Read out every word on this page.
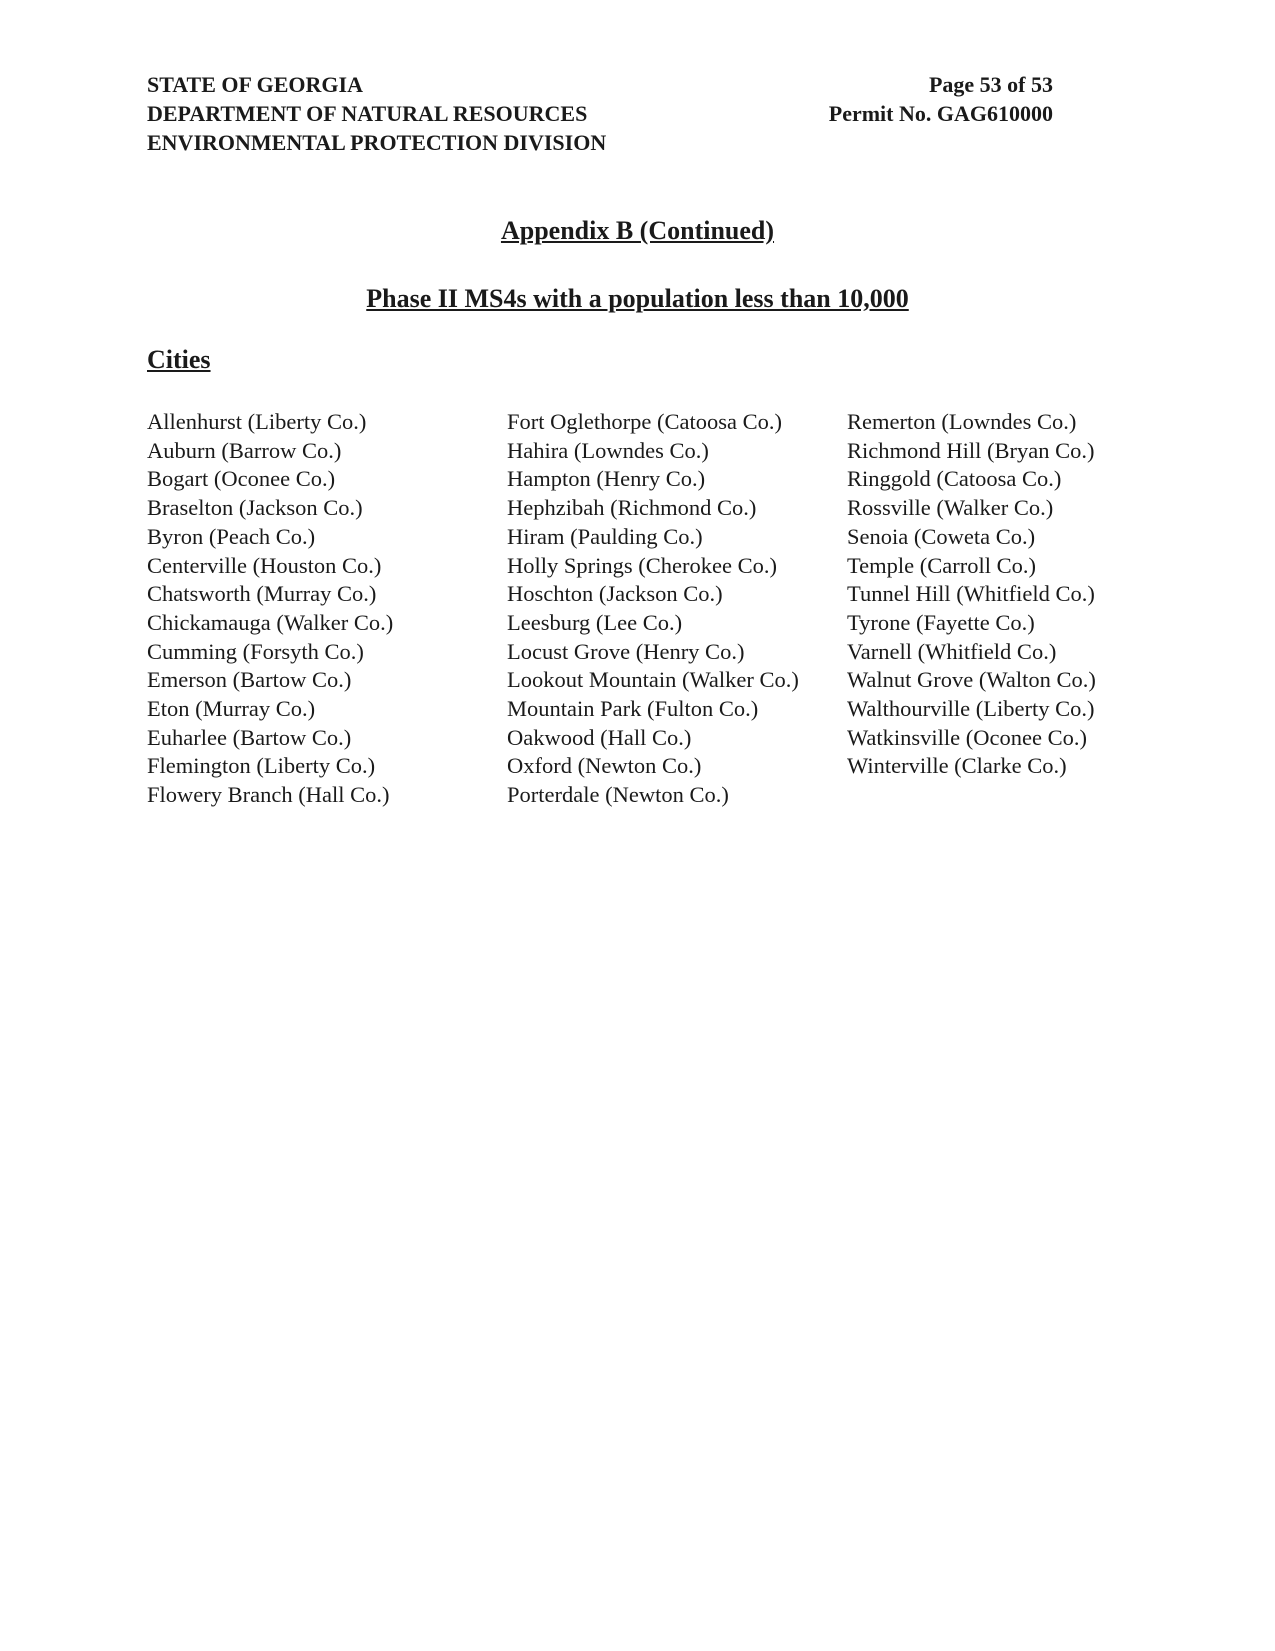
STATE OF GEORGIA
DEPARTMENT OF NATURAL RESOURCES
ENVIRONMENTAL PROTECTION DIVISION
Page 53 of 53
Permit No. GAG610000
Appendix B (Continued)
Phase II MS4s with a population less than 10,000
Cities
Allenhurst (Liberty Co.)
Auburn (Barrow Co.)
Bogart (Oconee Co.)
Braselton (Jackson Co.)
Byron (Peach Co.)
Centerville (Houston Co.)
Chatsworth (Murray Co.)
Chickamauga (Walker Co.)
Cumming (Forsyth Co.)
Emerson (Bartow Co.)
Eton (Murray Co.)
Euharlee (Bartow Co.)
Flemington (Liberty Co.)
Flowery Branch (Hall Co.)
Fort Oglethorpe (Catoosa Co.)
Hahira (Lowndes Co.)
Hampton (Henry Co.)
Hephzibah (Richmond Co.)
Hiram (Paulding Co.)
Holly Springs (Cherokee Co.)
Hoschton (Jackson Co.)
Leesburg (Lee Co.)
Locust Grove (Henry Co.)
Lookout Mountain (Walker Co.)
Mountain Park (Fulton Co.)
Oakwood (Hall Co.)
Oxford (Newton Co.)
Porterdale (Newton Co.)
Remerton (Lowndes Co.)
Richmond Hill (Bryan Co.)
Ringgold (Catoosa Co.)
Rossville (Walker Co.)
Senoia (Coweta Co.)
Temple (Carroll Co.)
Tunnel Hill (Whitfield Co.)
Tyrone (Fayette Co.)
Varnell (Whitfield Co.)
Walnut Grove (Walton Co.)
Walthourville (Liberty Co.)
Watkinsville (Oconee Co.)
Winterville (Clarke Co.)
